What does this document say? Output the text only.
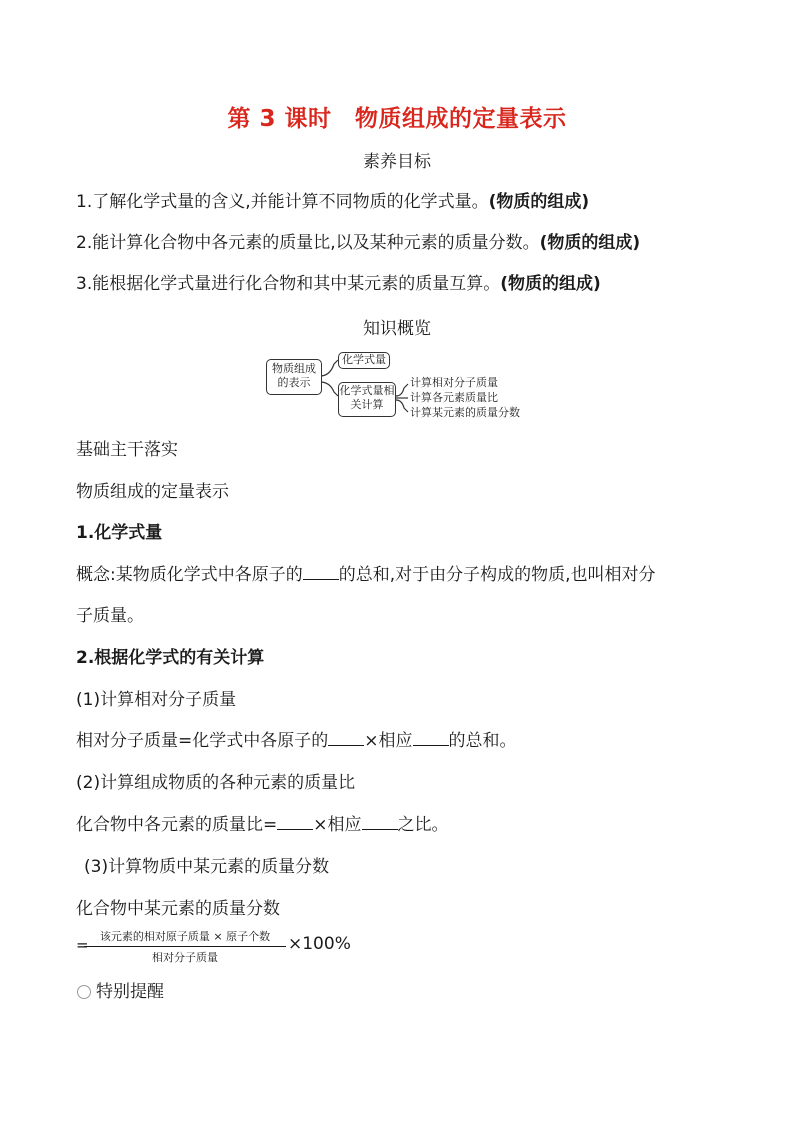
第 3 课时　物质组成的定量表示
素养目标
1.了解化学式量的含义,并能计算不同物质的化学式量。(物质的组成)
2.能计算化合物中各元素的质量比,以及某种元素的质量分数。(物质的组成)
3.能根据化学式量进行化合物和其中某元素的质量互算。(物质的组成)
知识概览
物质组成的表示
化学式量
化学式量相关计算
计算相对分子质量
计算各元素质量比
计算某元素的质量分数
基础主干落实
物质组成的定量表示
1.化学式量
概念:某物质化学式中各原子的 的总和,对于由分子构成的物质,也叫相对分
子质量。
2.根据化学式的有关计算
(1)计算相对分子质量
相对分子质量=化学式中各原子的 ×相应 的总和。
(2)计算组成物质的各种元素的质量比
化合物中各元素的质量比= ×相应 之比。
(3)计算物质中某元素的质量分数
化合物中某元素的质量分数
=	该元素的相对原子质量 × 原子个数
相对分子质量
×100%
特别提醒
